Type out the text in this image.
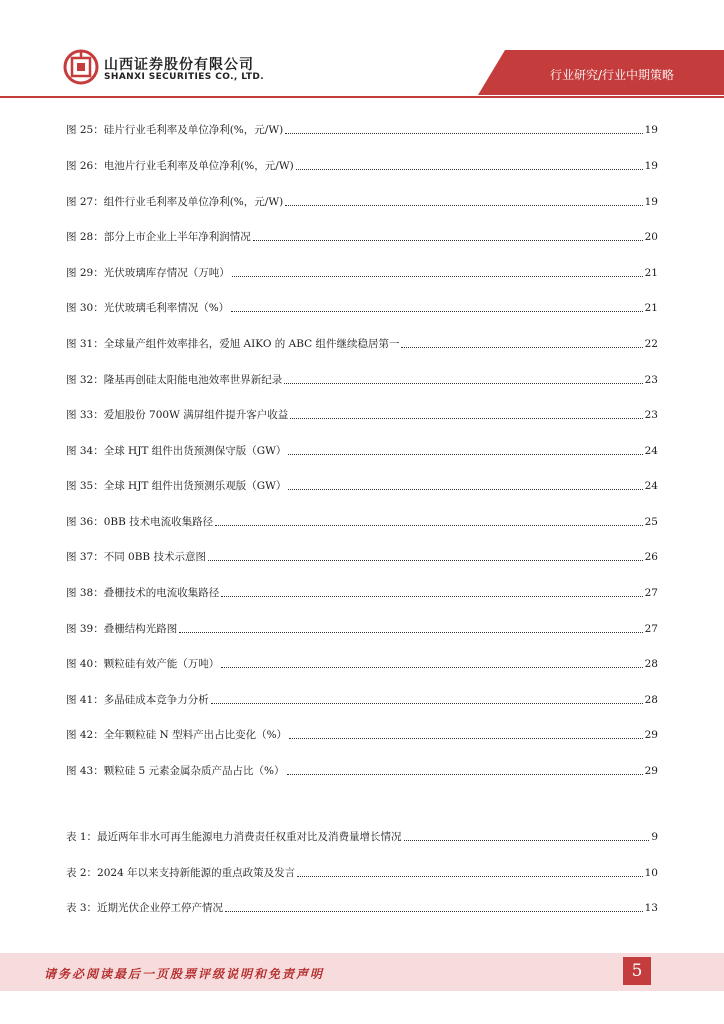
山西证券股份有限公司
SHANXI SECURITIES CO., LTD.	行业研究/行业中期策略
图 25： 硅片行业毛利率及单位净利(%，元/W)	19
图 26： 电池片行业毛利率及单位净利(%，元/W)	19
图 27： 组件行业毛利率及单位净利(%，元/W)	19
图 28： 部分上市企业上半年净利润情况	20
图 29： 光伏玻璃库存情况（万吨）	21
图 30： 光伏玻璃毛利率情况（%）	21
图 31： 全球量产组件效率排名，爱旭 AIKO 的 ABC 组件继续稳居第一	22
图 32： 隆基再创硅太阳能电池效率世界新纪录	23
图 33： 爱旭股份 700W 满屏组件提升客户收益	23
图 34： 全球 HJT 组件出货预测保守版（GW）	24
图 35： 全球 HJT 组件出货预测乐观版（GW）	24
图 36： 0BB 技术电流收集路径	25
图 37： 不同 0BB 技术示意图	26
图 38： 叠栅技术的电流收集路径	27
图 39： 叠栅结构光路图	27
图 40： 颗粒硅有效产能（万吨）	28
图 41： 多晶硅成本竞争力分析	28
图 42： 全年颗粒硅 N 型料产出占比变化（%）	29
图 43： 颗粒硅 5 元素金属杂质产品占比（%）	29
表 1： 最近两年非水可再生能源电力消费责任权重对比及消费量增长情况	9
表 2： 2024 年以来支持新能源的重点政策及发言	10
表 3： 近期光伏企业停工停产情况	13
请务必阅读最后一页股票评级说明和免责声明	5
